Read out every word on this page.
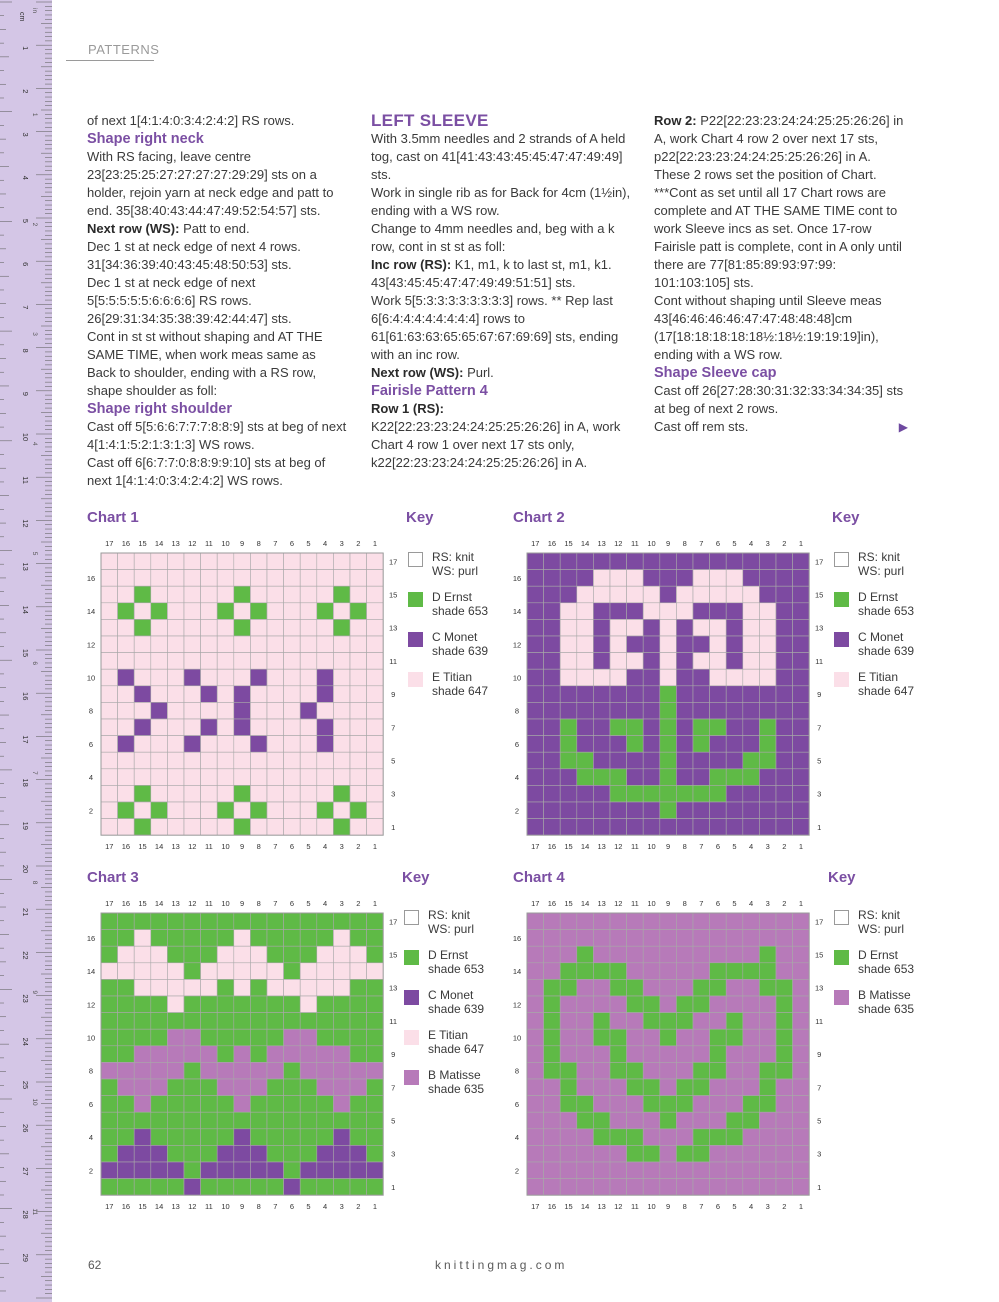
1
2
3
4
5
6
7
8
9
10
11
12
13
14
15
16
17
18
19
20
21
22
23
24
25
26
27
28
29
cm
1
2
3
4
5
6
7
8
9
10
11
in
PATTERNS

of next 1[4:1:4:0:3:4:2:4:2] RS rows.

Shape right neck

With RS facing, leave centre 23[23:25:25:27:27:27:27:29:29] sts on a holder, rejoin yarn at neck edge and patt to end. 35[38:40:43:44:47:49:52:54:57] sts.

Next row (WS): Patt to end.

Dec 1 st at neck edge of next 4 rows. 31[34:36:39:40:43:45:48:50:53] sts.

Dec 1 st at neck edge of next 5[5:5:5:5:5:6:6:6:6] RS rows. 26[29:31:34:35:38:39:42:44:47] sts.

Cont in st st without shaping and AT THE SAME TIME, when work meas same as Back to shoulder, ending with a RS row, shape shoulder as foll:

Shape right shoulder

Cast off 5[5:6:6:7:7:7:8:8:9] sts at beg of next 4[1:4:1:5:2:1:3:1:3] WS rows.

Cast off 6[6:7:7:0:8:8:9:9:10] sts at beg of next 1[4:1:4:0:3:4:2:4:2] WS rows.

LEFT SLEEVE

With 3.5mm needles and 2 strands of A held tog, cast on 41[41:43:43:45:45:47:47:49:49] sts.

Work in single rib as for Back for 4cm (1½in), ending with a WS row.

Change to 4mm needles and, beg with a k row, cont in st st as foll:

Inc row (RS): K1, m1, k to last st, m1, k1. 43[43:45:45:47:47:49:49:51:51] sts.

Work 5[5:3:3:3:3:3:3:3:3] rows. ** Rep last 6[6:4:4:4:4:4:4:4:4] rows to 61[61:63:63:65:65:67:67:69:69] sts, ending with an inc row.

Next row (WS): Purl.

Fairisle Pattern 4

Row 1 (RS):

K22[22:23:23:24:24:25:25:26:26] in A, work Chart 4 row 1 over next 17 sts only, k22[22:23:23:24:24:25:25:26:26] in A.

Row 2: P22[22:23:23:24:24:25:25:26:26] in A, work Chart 4 row 2 over next 17 sts, p22[22:23:23:24:24:25:25:26:26] in A.

These 2 rows set the position of Chart.

***Cont as set until all 17 Chart rows are complete and AT THE SAME TIME cont to work Sleeve incs as set. Once 17-row Fairisle patt is complete, cont in A only until there are 77[81:85:89:93:97:99: 101:103:105] sts.

Cont without shaping until Sleeve meas 43[46:46:46:46:47:47:48:48:48]cm (17[18:18:18:18:18½:18½:19:19:19]in), ending with a WS row.

Shape Sleeve cap

Cast off 26[27:28:30:31:32:33:34:34:35] sts at beg of next 2 rows.

Cast off rem sts.	▶

Chart 1	Key
17
17
16
16
15
15
14
14
13
13
12
12
11
11
10
10
9
9
8
8
7
7
6
6
5
5
4
4
3
3
2
2
1
1
17
15
13
11
9
7
5
3
1
16
14
12
10
8
6
4
2
RS: knit
WS: purl
D Ernst
shade 653
C Monet
shade 639
E Titian
shade 647
Chart 2	Key
17
17
16
16
15
15
14
14
13
13
12
12
11
11
10
10
9
9
8
8
7
7
6
6
5
5
4
4
3
3
2
2
1
1
17
15
13
11
9
7
5
3
1
16
14
12
10
8
6
4
2
RS: knit
WS: purl
D Ernst
shade 653
C Monet
shade 639
E Titian
shade 647
Chart 3	Key
17
17
16
16
15
15
14
14
13
13
12
12
11
11
10
10
9
9
8
8
7
7
6
6
5
5
4
4
3
3
2
2
1
1
17
15
13
11
9
7
5
3
1
16
14
12
10
8
6
4
2
RS: knit
WS: purl
D Ernst
shade 653
C Monet
shade 639
E Titian
shade 647
B Matisse
shade 635
Chart 4	Key
17
17
16
16
15
15
14
14
13
13
12
12
11
11
10
10
9
9
8
8
7
7
6
6
5
5
4
4
3
3
2
2
1
1
17
15
13
11
9
7
5
3
1
16
14
12
10
8
6
4
2
RS: knit
WS: purl
D Ernst
shade 653
B Matisse
shade 635
62	knittingmag.com
